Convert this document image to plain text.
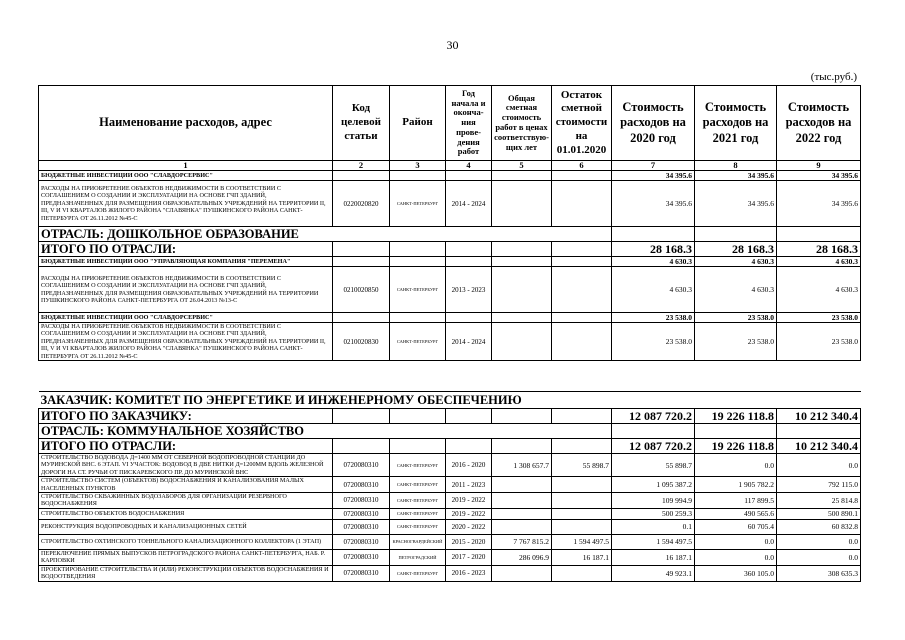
30
(тыс.руб.)
Наименование расходов, адрес	Код целевой статьи	Район	Год начала и оконча-ния прове-дения работ	Общая сметная стоимость работ в ценах соответствую-щих лет	Остаток сметной стоимости на 01.01.2020	Стоимость расходов на 2020 год	Стоимость расходов на 2021 год	Стоимость расходов на 2022 год
1	2	3	4	5	6	7	8	9
БЮДЖЕТНЫЕ ИНВЕСТИЦИИ ООО "СЛАВДОРСЕРВИС"						34 395.6	34 395.6	34 395.6
РАСХОДЫ НА ПРИОБРЕТЕНИЕ ОБЪЕКТОВ НЕДВИЖИМОСТИ В СООТВЕТСТВИИ С СОГЛАШЕНИЕМ О СОЗДАНИИ И ЭКСПЛУАТАЦИИ НА ОСНОВЕ ГЧП ЗДАНИЙ, ПРЕДНАЗНАЧЕННЫХ ДЛЯ РАЗМЕЩЕНИЯ ОБРАЗОВАТЕЛЬНЫХ УЧРЕЖДЕНИЙ НА ТЕРРИТОРИИ II, III, V И VI КВАРТАЛОВ ЖИЛОГО РАЙОНА "СЛАВЯНКА" ПУШКИНСКОГО РАЙОНА САНКТ-ПЕТЕРБУРГА ОТ 26.11.2012 №45-С	0220020820	САНКТ-ПЕТЕРБУРГ	2014 - 2024			34 395.6	34 395.6	34 395.6
ОТРАСЛЬ: ДОШКОЛЬНОЕ ОБРАЗОВАНИЕ								
ИТОГО ПО ОТРАСЛИ:						28 168.3	28 168.3	28 168.3
БЮДЖЕТНЫЕ ИНВЕСТИЦИИ ООО "УПРАВЛЯЮЩАЯ КОМПАНИЯ "ПЕРЕМЕНА"						4 630.3	4 630.3	4 630.3
РАСХОДЫ НА ПРИОБРЕТЕНИЕ ОБЪЕКТОВ НЕДВИЖИМОСТИ В СООТВЕТСТВИИ С СОГЛАШЕНИЕМ О СОЗДАНИИ И ЭКСПЛУАТАЦИИ НА ОСНОВЕ ГЧП ЗДАНИЙ, ПРЕДНАЗНАЧЕННЫХ ДЛЯ РАЗМЕЩЕНИЯ ОБРАЗОВАТЕЛЬНЫХ УЧРЕЖДЕНИЙ НА ТЕРРИТОРИИ ПУШКИНСКОГО РАЙОНА САНКТ-ПЕТЕРБУРГА ОТ 26.04.2013 №13-С	0210020850	САНКТ-ПЕТЕРБУРГ	2013 - 2023			4 630.3	4 630.3	4 630.3
БЮДЖЕТНЫЕ ИНВЕСТИЦИИ ООО "СЛАВДОРСЕРВИС"						23 538.0	23 538.0	23 538.0
РАСХОДЫ НА ПРИОБРЕТЕНИЕ ОБЪЕКТОВ НЕДВИЖИМОСТИ В СООТВЕТСТВИИ С СОГЛАШЕНИЕМ О СОЗДАНИИ И ЭКСПЛУАТАЦИИ НА ОСНОВЕ ГЧП ЗДАНИЙ, ПРЕДНАЗНАЧЕННЫХ ДЛЯ РАЗМЕЩЕНИЯ ОБРАЗОВАТЕЛЬНЫХ УЧРЕЖДЕНИЙ НА ТЕРРИТОРИИ II, III, V И VI КВАРТАЛОВ ЖИЛОГО РАЙОНА "СЛАВЯНКА" ПУШКИНСКОГО РАЙОНА САНКТ-ПЕТЕРБУРГА ОТ 26.11.2012 №45-С	0210020830	САНКТ-ПЕТЕРБУРГ	2014 - 2024			23 538.0	23 538.0	23 538.0

ЗАКАЗЧИК: КОМИТЕТ ПО ЭНЕРГЕТИКЕ И ИНЖЕНЕРНОМУ ОБЕСПЕЧЕНИЮ								
ИТОГО ПО ЗАКАЗЧИКУ:						12 087 720.2	19 226 118.8	10 212 340.4
ОТРАСЛЬ: КОММУНАЛЬНОЕ ХОЗЯЙСТВО								
ИТОГО ПО ОТРАСЛИ:						12 087 720.2	19 226 118.8	10 212 340.4
СТРОИТЕЛЬСТВО ВОДОВОДА Д=1400 ММ ОТ СЕВЕРНОЙ ВОДОПРОВОДНОЙ СТАНЦИИ ДО МУРИНСКОЙ ВНС. 6 ЭТАП. VI УЧАСТОК: ВОДОВОД В ДВЕ НИТКИ Д=1200ММ ВДОЛЬ ЖЕЛЕЗНОЙ ДОРОГИ НА СТ. РУЧЬИ ОТ ПИСКАРЕВСКОГО ПР. ДО МУРИНСКОЙ ВНС	0720080310	САНКТ-ПЕТЕРБУРГ	2016 - 2020	1 308 657.7	55 898.7	55 898.7	0.0	0.0
СТРОИТЕЛЬСТВО СИСТЕМ (ОБЪЕКТОВ) ВОДОСНАБЖЕНИЯ И КАНАЛИЗОВАНИЯ МАЛЫХ НАСЕЛЕННЫХ ПУНКТОВ	0720080310	САНКТ-ПЕТЕРБУРГ	2011 - 2023			1 095 387.2	1 905 782.2	792 115.0
СТРОИТЕЛЬСТВО СКВАЖИННЫХ ВОДОЗАБОРОВ ДЛЯ ОРГАНИЗАЦИИ РЕЗЕРВНОГО ВОДОСНАБЖЕНИЯ	0720080310	САНКТ-ПЕТЕРБУРГ	2019 - 2022			109 994.9	117 899.5	25 814.8
СТРОИТЕЛЬСТВО ОБЪЕКТОВ ВОДОСНАБЖЕНИЯ	0720080310	САНКТ-ПЕТЕРБУРГ	2019 - 2022			500 259.3	490 565.6	500 890.1
РЕКОНСТРУКЦИЯ ВОДОПРОВОДНЫХ И КАНАЛИЗАЦИОННЫХ СЕТЕЙ	0720080310	САНКТ-ПЕТЕРБУРГ	2020 - 2022			0.1	60 705.4	60 832.8
СТРОИТЕЛЬСТВО ОХТИНСКОГО ТОННЕЛЬНОГО КАНАЛИЗАЦИОННОГО КОЛЛЕКТОРА (1 ЭТАП)	0720080310	КРАСНОГВАРДЕЙСКИЙ	2015 - 2020	7 767 815.2	1 594 497.5	1 594 497.5	0.0	0.0
ПЕРЕКЛЮЧЕНИЕ ПРЯМЫХ ВЫПУСКОВ ПЕТРОГРАДСКОГО РАЙОНА САНКТ-ПЕТЕРБУРГА, НАБ. Р. КАРПОВКИ	0720080310	ПЕТРОГРАДСКИЙ	2017 - 2020	286 096.9	16 187.1	16 187.1	0.0	0.0
ПРОЕКТИРОВАНИЕ СТРОИТЕЛЬСТВА И (ИЛИ) РЕКОНСТРУКЦИИ ОБЪЕКТОВ ВОДОСНАБЖЕНИЯ И ВОДООТВЕДЕНИЯ	0720080310	САНКТ-ПЕТЕРБУРГ	2016 - 2023			49 923.1	360 105.0	308 635.3
